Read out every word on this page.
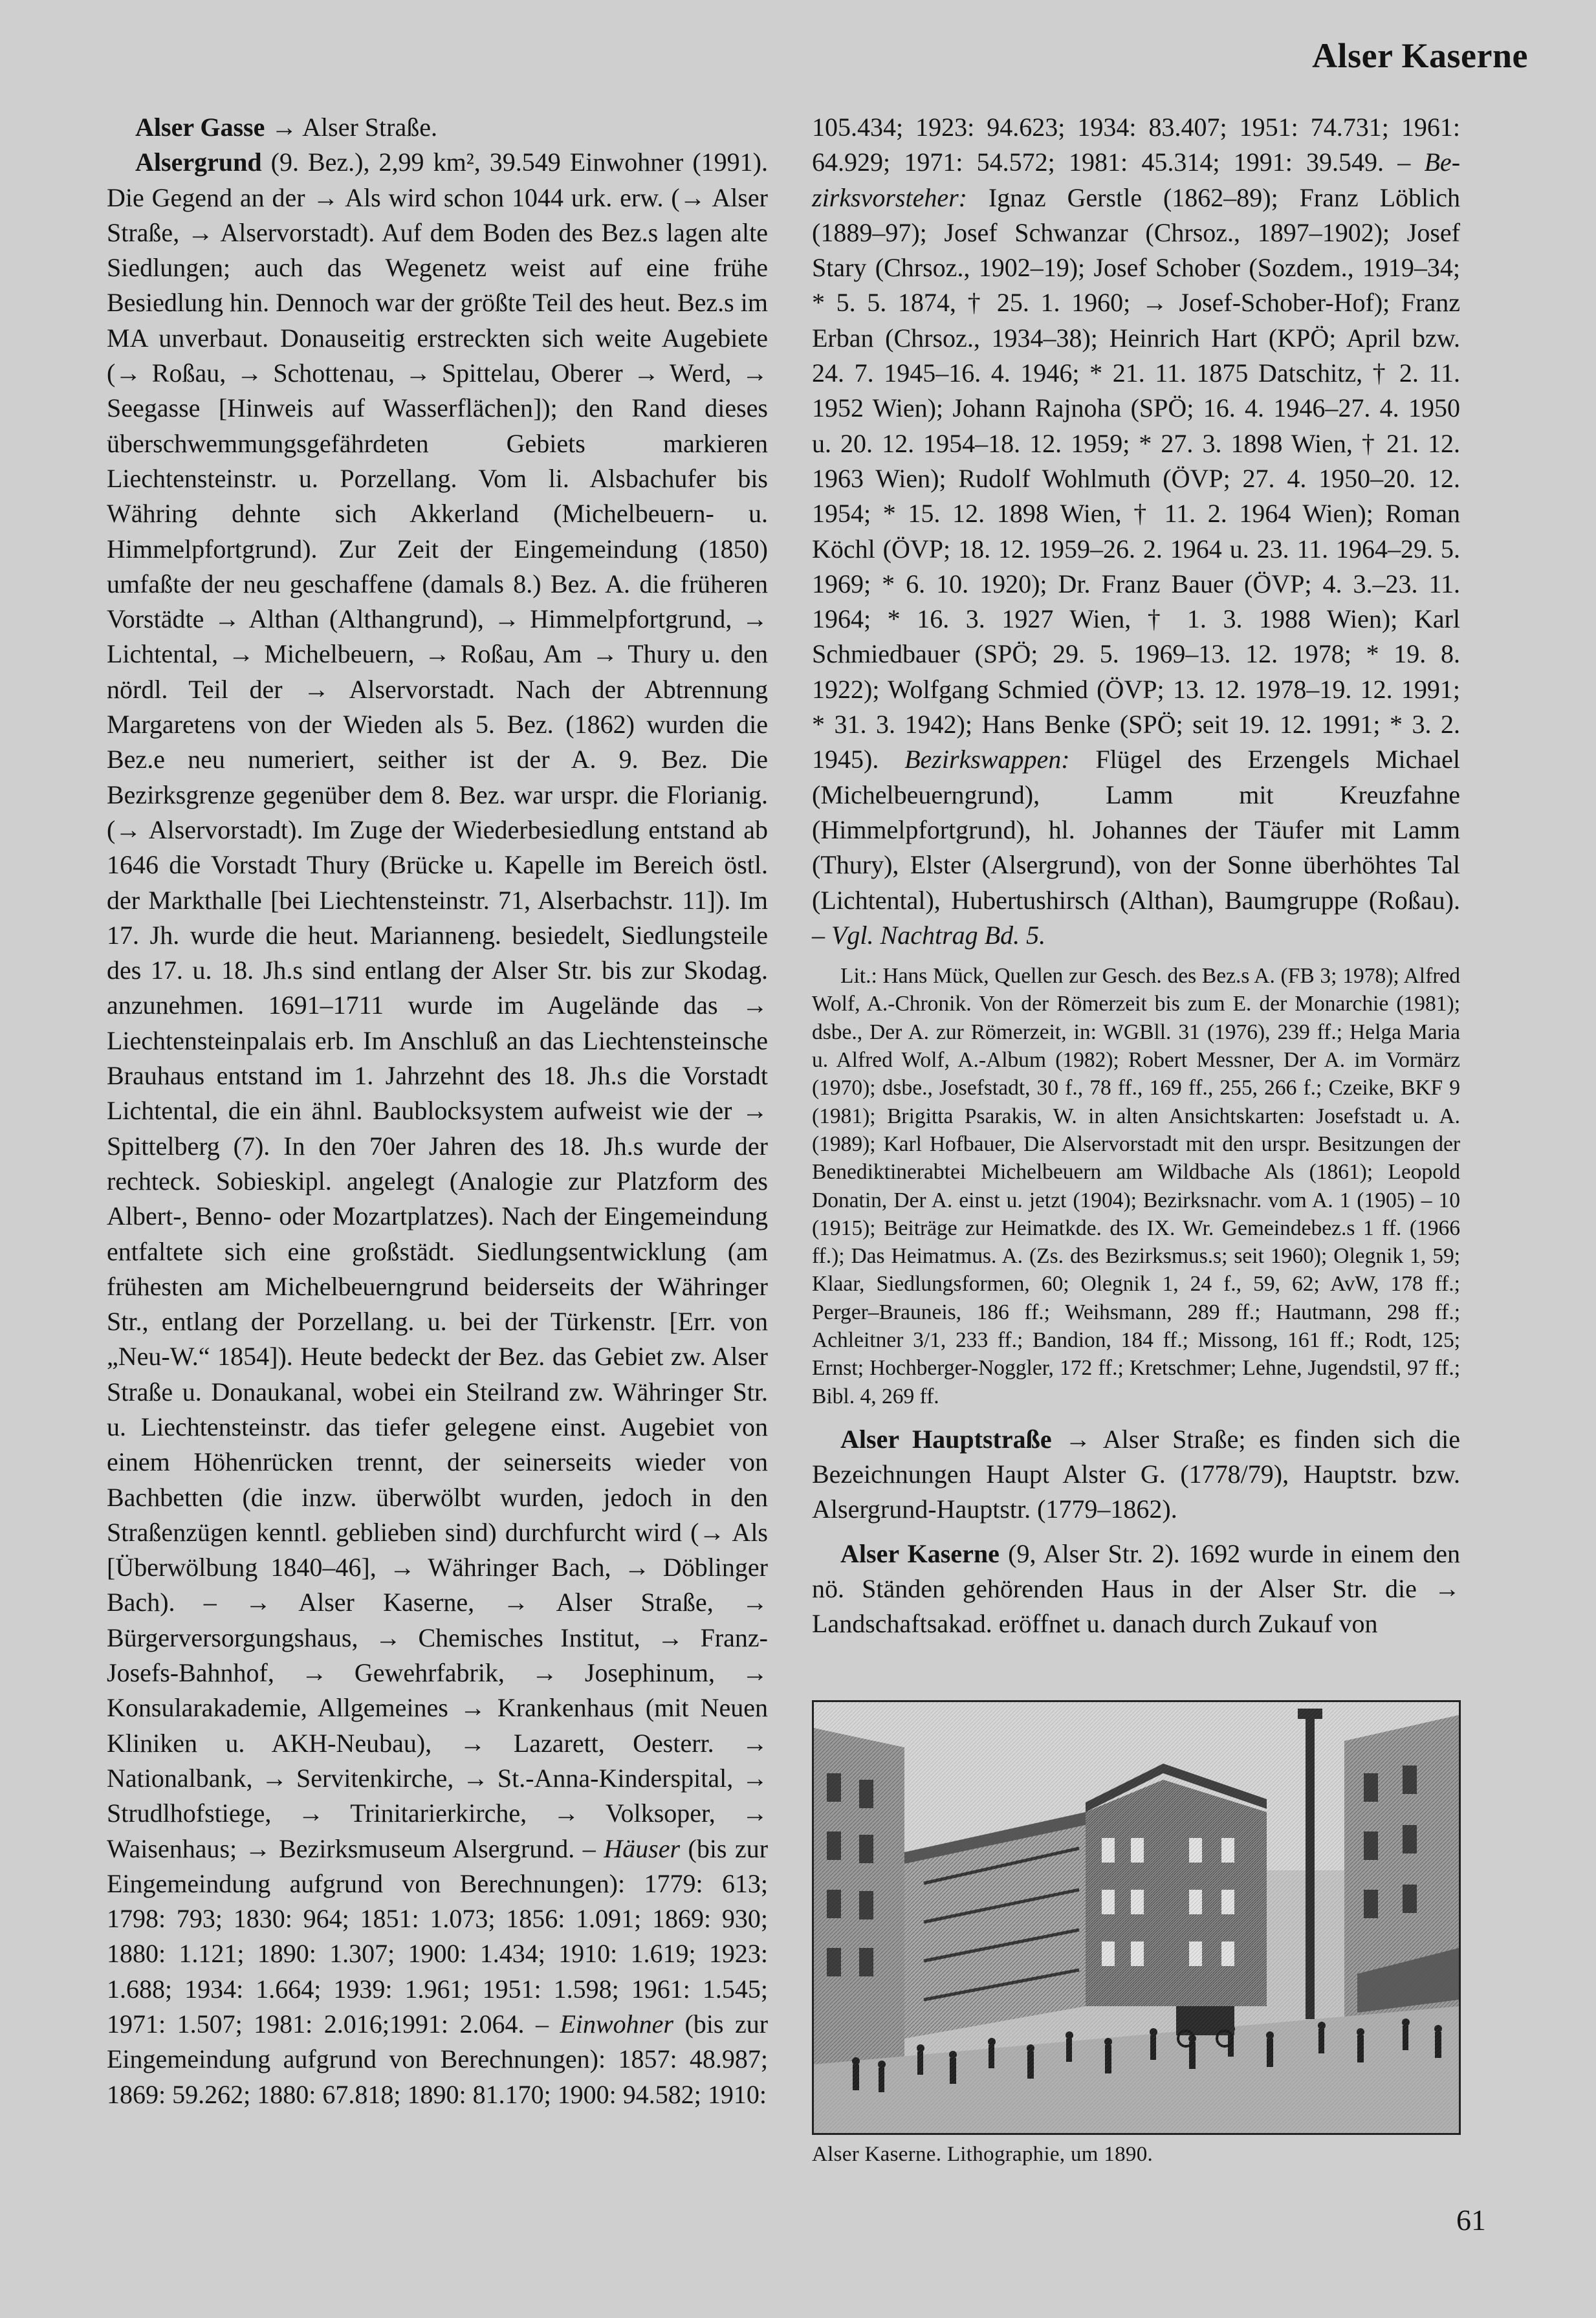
Alser Kaserne

Alser Gasse → Alser Straße.

Alsergrund (9. Bez.), 2,99 km², 39.549 Einwohner (1991). Die Gegend an der → Als wird schon 1044 urk. erw. (→ Alser Straße, → Alservorstadt). Auf dem Boden des Bez.s lagen alte Siedlungen; auch das Wegenetz weist auf eine frühe Besiedlung hin. Dennoch war der größte Teil des heut. Bez.s im MA unverbaut. Donauseitig erstreckten sich weite Augebiete (→ Roßau, → Schottenau, → Spittelau, Oberer → Werd, → Seegasse [Hinweis auf Wasserflächen]); den Rand dieses überschwemmungsgefährdeten Gebiets markieren Liechtensteinstr. u. Porzellang. Vom li. Alsbachufer bis Währing dehnte sich Akkerland (Michelbeuern- u. Himmelpfortgrund). Zur Zeit der Eingemeindung (1850) umfaßte der neu geschaffene (damals 8.) Bez. A. die früheren Vorstädte → Althan (Althangrund), → Himmelpfortgrund, → Lichtental, → Michelbeuern, → Roßau, Am → Thury u. den nördl. Teil der → Alservorstadt. Nach der Abtrennung Margaretens von der Wieden als 5. Bez. (1862) wurden die Bez.e neu numeriert, seither ist der A. 9. Bez. Die Bezirksgrenze gegenüber dem 8. Bez. war urspr. die Florianig. (→ Alservorstadt). Im Zuge der Wiederbesiedlung entstand ab 1646 die Vorstadt Thury (Brücke u. Kapelle im Bereich östl. der Markthalle [bei Liechtensteinstr. 71, Alserbachstr. 11]). Im 17. Jh. wurde die heut. Marianneng. besiedelt, Siedlungsteile des 17. u. 18. Jh.s sind entlang der Alser Str. bis zur Skodag. anzunehmen. 1691–1711 wurde im Augelände das → Liechtensteinpalais erb. Im Anschluß an das Liechtensteinsche Brauhaus entstand im 1. Jahrzehnt des 18. Jh.s die Vorstadt Lichtental, die ein ähnl. Baublocksystem aufweist wie der → Spittelberg (7). In den 70er Jahren des 18. Jh.s wurde der rechteck. Sobieskipl. angelegt (Analogie zur Platzform des Albert-, Benno- oder Mozartplatzes). Nach der Eingemeindung entfaltete sich eine großstädt. Siedlungsentwicklung (am frühesten am Michelbeuerngrund beiderseits der Währinger Str., entlang der Porzellang. u. bei der Türkenstr. [Err. von „Neu-W.“ 1854]). Heute bedeckt der Bez. das Gebiet zw. Alser Straße u. Donaukanal, wobei ein Steilrand zw. Währinger Str. u. Liechtensteinstr. das tiefer gelegene einst. Augebiet von einem Höhenrücken trennt, der seinerseits wieder von Bachbetten (die inzw. überwölbt wurden, jedoch in den Straßenzügen kenntl. geblieben sind) durchfurcht wird (→ Als [Überwölbung 1840–46], → Währinger Bach, → Döblinger Bach). – → Alser Kaserne, → Alser Straße, → Bürgerversorgungshaus, → Chemisches Institut, → Franz-Josefs-Bahnhof, → Gewehrfabrik, → Josephinum, → Konsularakademie, Allgemeines → Krankenhaus (mit Neuen Kliniken u. AKH-Neubau), → Lazarett, Oesterr. → Nationalbank, → Servitenkirche, → St.-Anna-Kinderspital, → Strudlhofstiege, → Trinitarierkirche, → Volksoper, → Waisenhaus; → Bezirksmuseum Alsergrund. – Häuser (bis zur Eingemeindung aufgrund von Berechnungen): 1779: 613; 1798: 793; 1830: 964; 1851: 1.073; 1856: 1.091; 1869: 930; 1880: 1.121; 1890: 1.307; 1900: 1.434; 1910: 1.619; 1923: 1.688; 1934: 1.664; 1939: 1.961; 1951: 1.598; 1961: 1.545; 1971: 1.507; 1981: 2.016;1991: 2.064. – Einwohner (bis zur Eingemeindung aufgrund von Berechnungen): 1857: 48.987; 1869: 59.262; 1880: 67.818; 1890: 81.170; 1900: 94.582; 1910:

105.434; 1923: 94.623; 1934: 83.407; 1951: 74.731; 1961: 64.929; 1971: 54.572; 1981: 45.314; 1991: 39.549. – Bezirksvorsteher: Ignaz Gerstle (1862–89); Franz Löblich (1889–97); Josef Schwanzar (Chrsoz., 1897–1902); Josef Stary (Chrsoz., 1902–19); Josef Schober (Sozdem., 1919–34; * 5. 5. 1874, † 25. 1. 1960; → Josef-Schober-Hof); Franz Erban (Chrsoz., 1934–38); Heinrich Hart (KPÖ; April bzw. 24. 7. 1945–16. 4. 1946; * 21. 11. 1875 Datschitz, † 2. 11. 1952 Wien); Johann Rajnoha (SPÖ; 16. 4. 1946–27. 4. 1950 u. 20. 12. 1954–18. 12. 1959; * 27. 3. 1898 Wien, † 21. 12. 1963 Wien); Rudolf Wohlmuth (ÖVP; 27. 4. 1950–20. 12. 1954; * 15. 12. 1898 Wien, † 11. 2. 1964 Wien); Roman Köchl (ÖVP; 18. 12. 1959–26. 2. 1964 u. 23. 11. 1964–29. 5. 1969; * 6. 10. 1920); Dr. Franz Bauer (ÖVP; 4. 3.–23. 11. 1964; * 16. 3. 1927 Wien, † 1. 3. 1988 Wien); Karl Schmiedbauer (SPÖ; 29. 5. 1969–13. 12. 1978; * 19. 8. 1922); Wolfgang Schmied (ÖVP; 13. 12. 1978–19. 12. 1991; * 31. 3. 1942); Hans Benke (SPÖ; seit 19. 12. 1991; * 3. 2. 1945). Bezirkswappen: Flügel des Erzengels Michael (Michelbeuerngrund), Lamm mit Kreuzfahne (Himmelpfortgrund), hl. Johannes der Täufer mit Lamm (Thury), Elster (Alsergrund), von der Sonne überhöhtes Tal (Lichtental), Hubertushirsch (Althan), Baumgruppe (Roßau). – Vgl. Nachtrag Bd. 5.

Lit.: Hans Mück, Quellen zur Gesch. des Bez.s A. (FB 3; 1978); Alfred Wolf, A.-Chronik. Von der Römerzeit bis zum E. der Monarchie (1981); dsbe., Der A. zur Römerzeit, in: WGBll. 31 (1976), 239 ff.; Helga Maria u. Alfred Wolf, A.-Album (1982); Robert Messner, Der A. im Vormärz (1970); dsbe., Josefstadt, 30 f., 78 ff., 169 ff., 255, 266 f.; Czeike, BKF 9 (1981); Brigitta Psarakis, W. in alten Ansichtskarten: Josefstadt u. A. (1989); Karl Hofbauer, Die Alservorstadt mit den urspr. Besitzungen der Benediktinerabtei Michelbeuern am Wildbache Als (1861); Leopold Donatin, Der A. einst u. jetzt (1904); Bezirksnachr. vom A. 1 (1905) – 10 (1915); Beiträge zur Heimatkde. des IX. Wr. Gemeindebez.s 1 ff. (1966 ff.); Das Heimatmus. A. (Zs. des Bezirksmus.s; seit 1960); Olegnik 1, 59; Klaar, Siedlungsformen, 60; Olegnik 1, 24 f., 59, 62; AvW, 178 ff.; Perger–Brauneis, 186 ff.; Weihsmann, 289 ff.; Hautmann, 298 ff.; Achleitner 3/1, 233 ff.; Bandion, 184 ff.; Missong, 161 ff.; Rodt, 125; Ernst; Hochberger-Noggler, 172 ff.; Kretschmer; Lehne, Jugendstil, 97 ff.; Bibl. 4, 269 ff.

Alser Hauptstraße → Alser Straße; es finden sich die Bezeichnungen Haupt Alster G. (1778/79), Hauptstr. bzw. Alsergrund-Hauptstr. (1779–1862).

Alser Kaserne (9, Alser Str. 2). 1692 wurde in einem den nö. Ständen gehörenden Haus in der Alser Str. die → Landschaftsakad. eröffnet u. danach durch Zukauf von

Alser Kaserne. Lithographie, um 1890.
61
